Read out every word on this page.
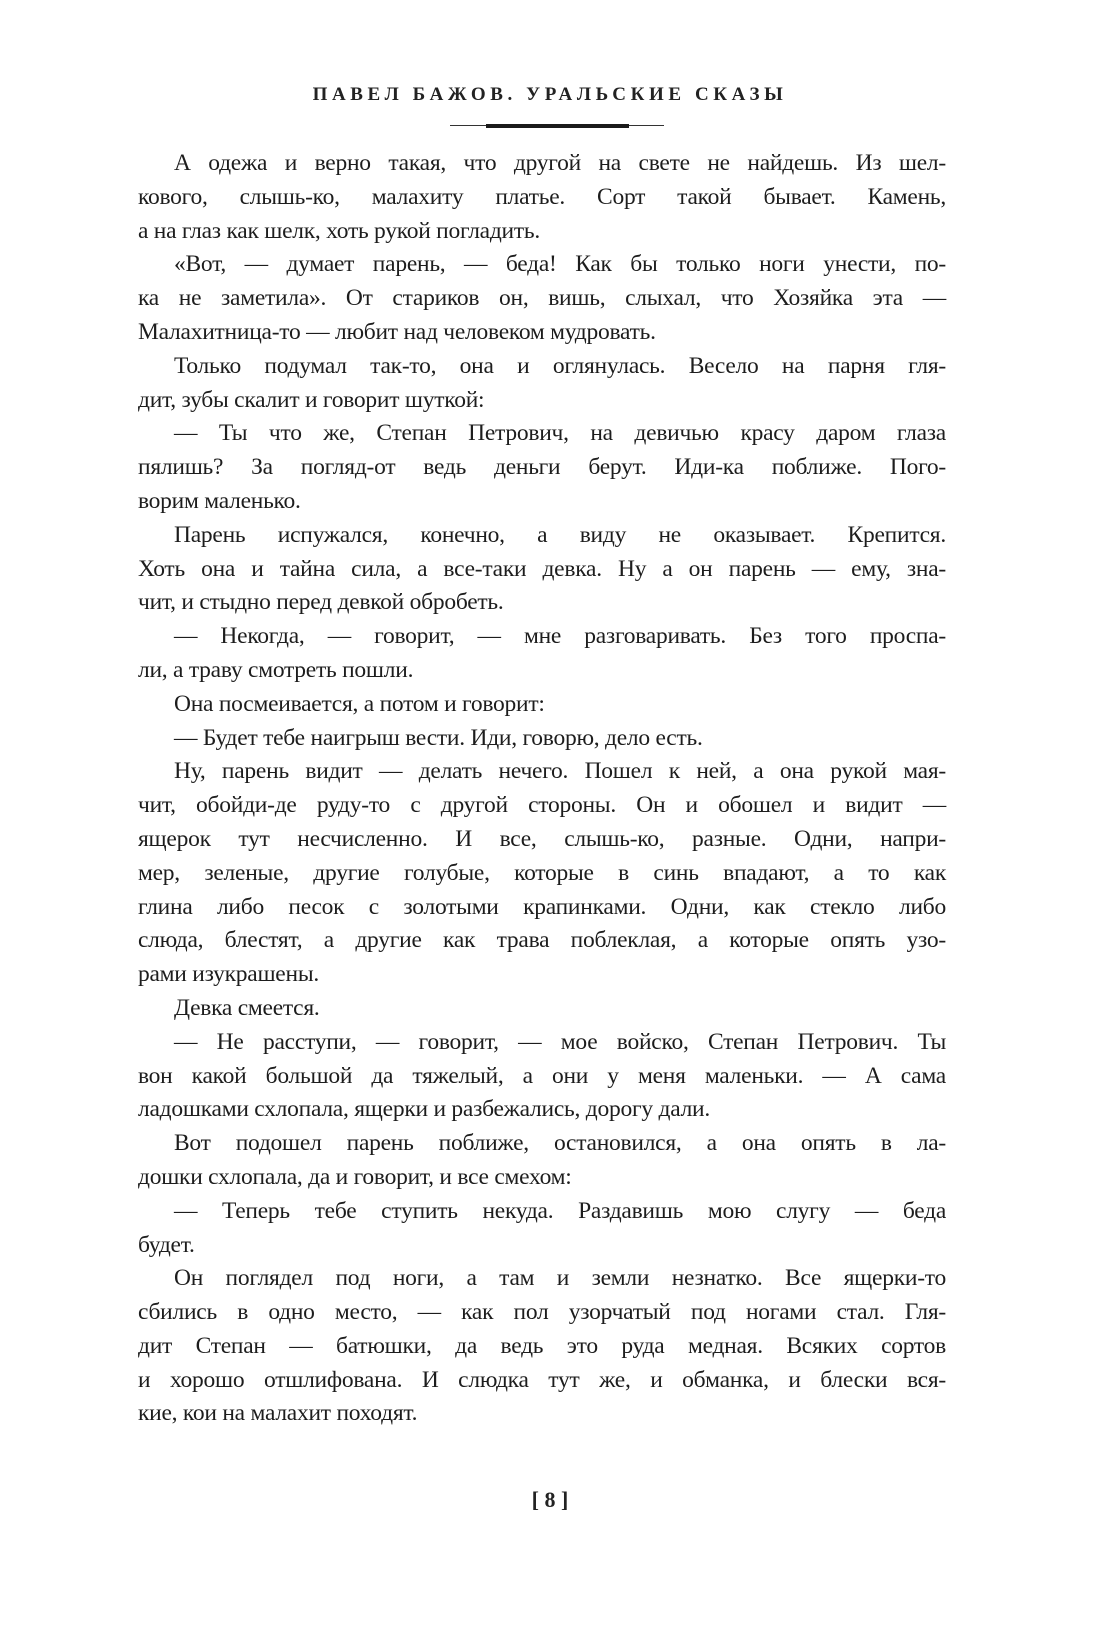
ПАВЕЛ БАЖОВ. УРАЛЬСКИЕ СКАЗЫ
А одежа и верно такая, что другой на свете не найдешь. Из шел-
кового, слышь-ко, малахиту платье. Сорт такой бывает. Камень,
а на глаз как шелк, хоть рукой погладить.
«Вот, — думает парень, — беда! Как бы только ноги унести, по-
ка не заметила». От стариков он, вишь, слыхал, что Хозяйка эта —
Малахитница-то — любит над человеком мудровать.
Только подумал так-то, она и оглянулась. Весело на парня гля-
дит, зубы скалит и говорит шуткой:
— Ты что же, Степан Петрович, на девичью красу даром глаза
пялишь? За погляд-от ведь деньги берут. Иди-ка поближе. Пого-
ворим маленько.
Парень испужался, конечно, а виду не оказывает. Крепится.
Хоть она и тайна сила, а все-таки девка. Ну а он парень — ему, зна-
чит, и стыдно перед девкой обробеть.
— Некогда, — говорит, — мне разговаривать. Без того проспа-
ли, а траву смотреть пошли.
Она посмеивается, а потом и говорит:
— Будет тебе наигрыш вести. Иди, говорю, дело есть.
Ну, парень видит — делать нечего. Пошел к ней, а она рукой мая-
чит, обойди-де руду-то с другой стороны. Он и обошел и видит —
ящерок тут несчисленно. И все, слышь-ко, разные. Одни, напри-
мер, зеленые, другие голубые, которые в синь впадают, а то как
глина либо песок с золотыми крапинками. Одни, как стекло либо
слюда, блестят, а другие как трава поблеклая, а которые опять узо-
рами изукрашены.
Девка смеется.
— Не расступи, — говорит, — мое войско, Степан Петрович. Ты
вон какой большой да тяжелый, а они у меня маленьки. — А сама
ладошками схлопала, ящерки и разбежались, дорогу дали.
Вот подошел парень поближе, остановился, а она опять в ла-
дошки схлопала, да и говорит, и все смехом:
— Теперь тебе ступить некуда. Раздавишь мою слугу — беда
будет.
Он поглядел под ноги, а там и земли незнатко. Все ящерки-то
сбились в одно место, — как пол узорчатый под ногами стал. Гля-
дит Степан — батюшки, да ведь это руда медная. Всяких сортов
и хорошо отшлифована. И слюдка тут же, и обманка, и блески вся-
кие, кои на малахит походят.
[ 8 ]
